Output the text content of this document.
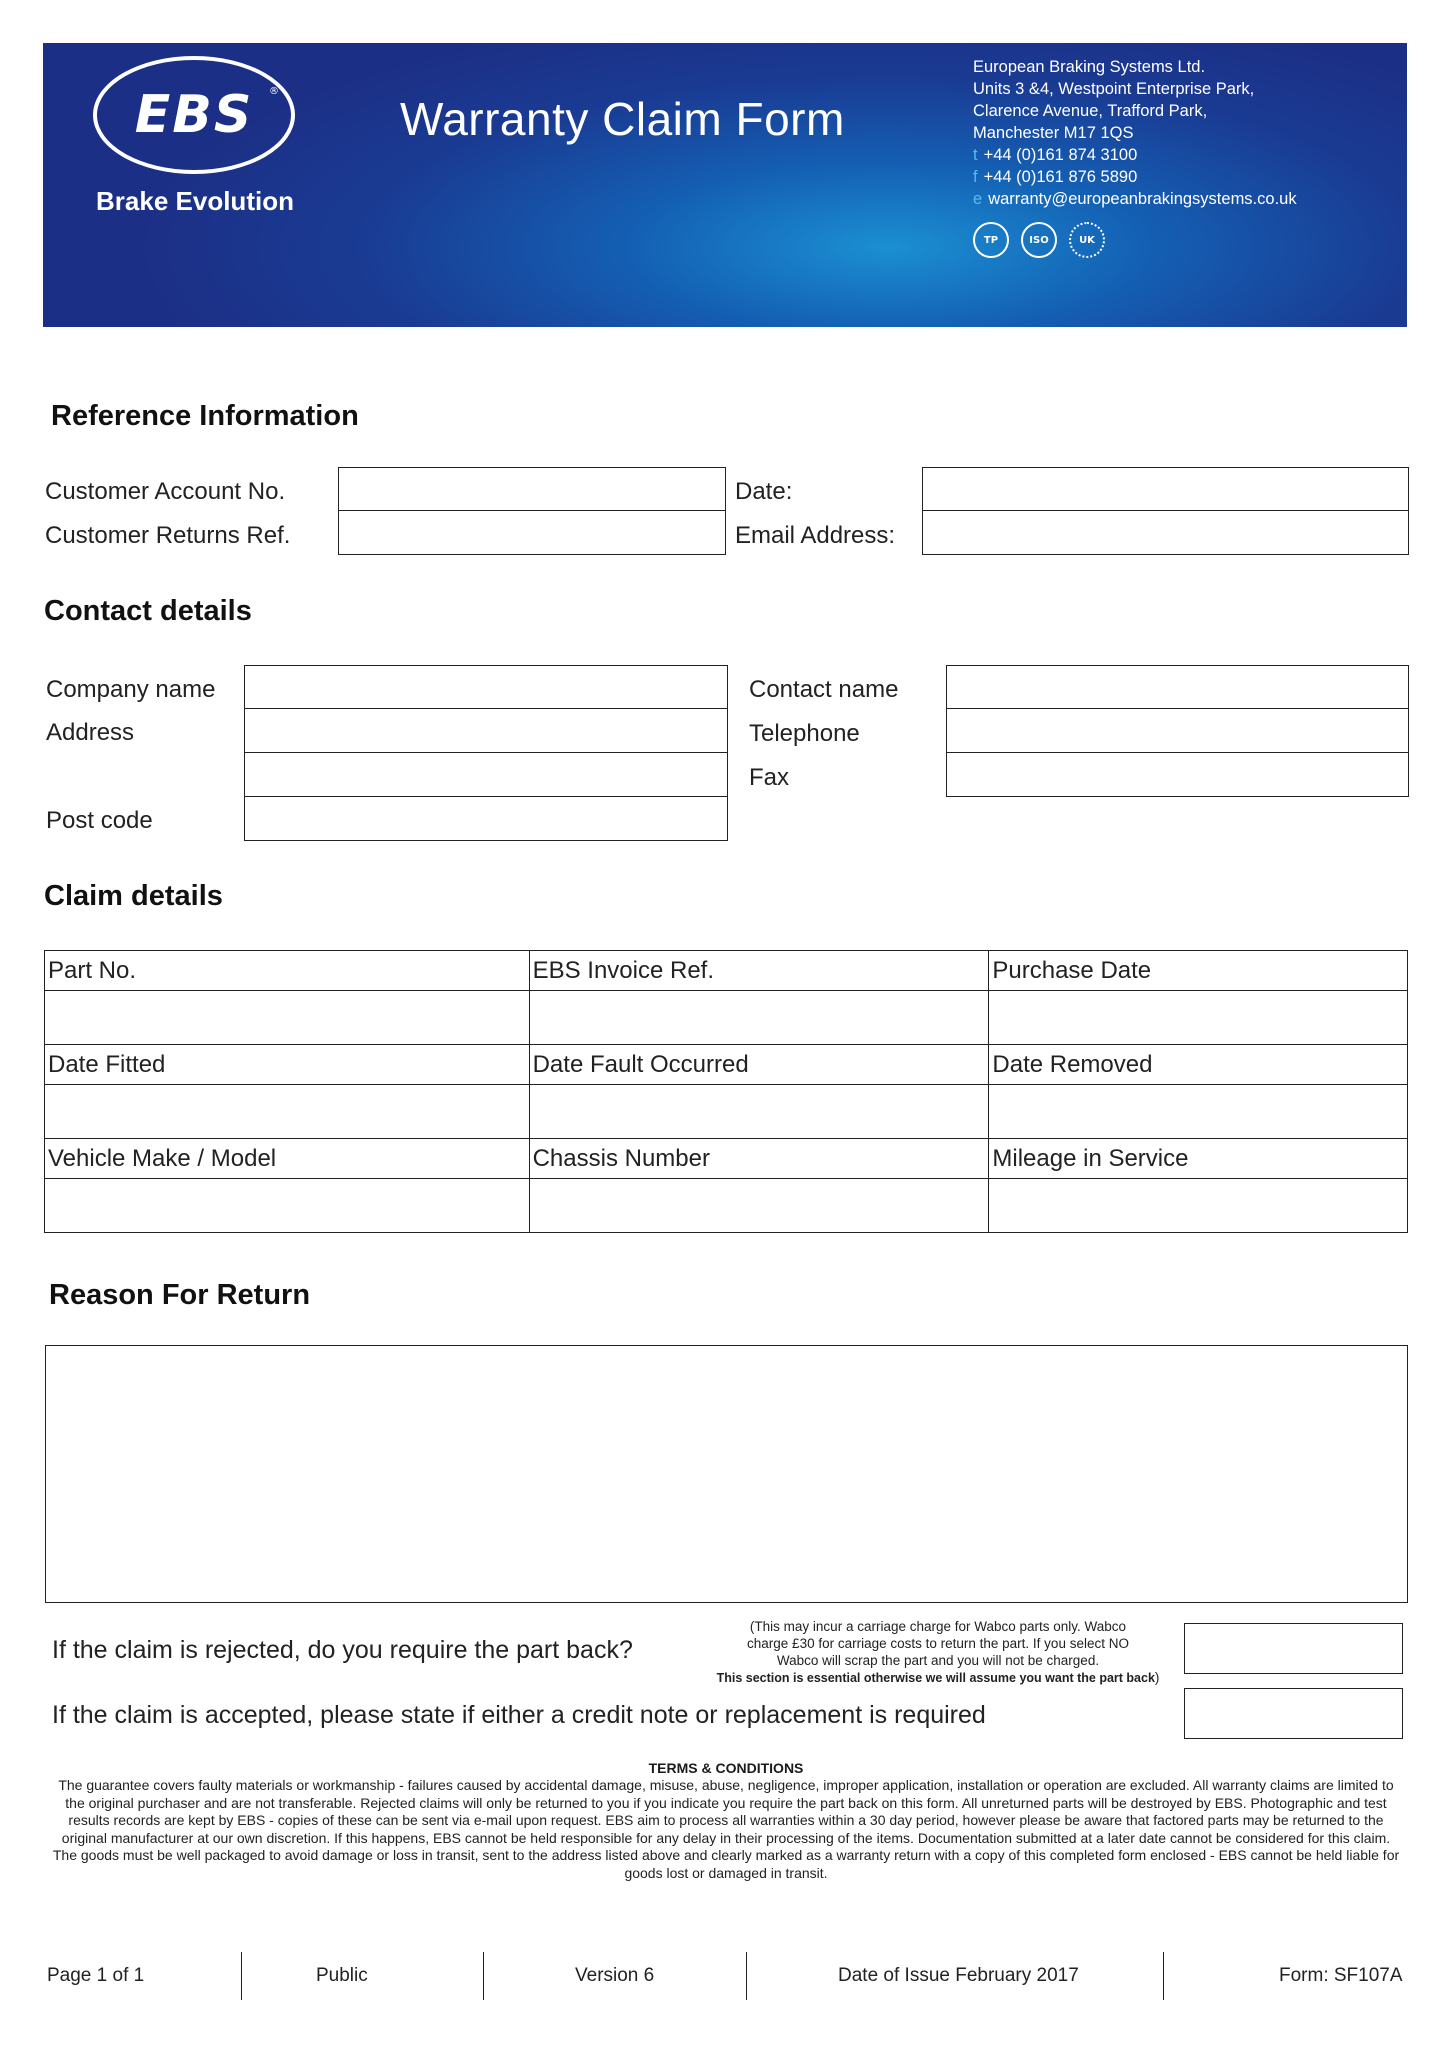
EBS	®
Brake Evolution
Warranty Claim Form
European Braking Systems Ltd.
Units 3 &4, Westpoint Enterprise Park,
Clarence Avenue, Trafford Park,
Manchester M17 1QS
t +44 (0)161 874 3100
f +44 (0)161 876 5890
e warranty@europeanbrakingsystems.co.uk
TP	ISO	UK
Reference Information
Customer Account No.
Customer Returns Ref.
Date:
Email Address:
Contact details
Company name
Address
Post code
Contact name
Telephone
Fax
Claim details
Part No.	EBS Invoice Ref.	Purchase Date

Date Fitted	Date Fault Occurred	Date Removed

Vehicle Make / Model	Chassis Number	Mileage in Service

Reason For Return
If the claim is rejected, do you require the part back?
(This may incur a carriage charge for Wabco parts only. Wabco
charge £30 for carriage costs to return the part. If you select NO
Wabco will scrap the part and you will not be charged.
This section is essential otherwise we will assume you want the part back)
If the claim is accepted, please state if either a credit note or replacement is required
TERMS & CONDITIONS
The guarantee covers faulty materials or workmanship - failures caused by accidental damage, misuse, abuse, negligence, improper application, installation or operation are excluded. All warranty claims are limited to the original purchaser and are not transferable. Rejected claims will only be returned to you if you indicate you require the part back on this form. All unreturned parts will be destroyed by EBS. Photographic and test results records are kept by EBS - copies of these can be sent via e-mail upon request. EBS aim to process all warranties within a 30 day period, however please be aware that factored parts may be returned to the original manufacturer at our own discretion. If this happens, EBS cannot be held responsible for any delay in their processing of the items. Documentation submitted at a later date cannot be considered for this claim. The goods must be well packaged to avoid damage or loss in transit, sent to the address listed above and clearly marked as a warranty return with a copy of this completed form enclosed - EBS cannot be held liable for goods lost or damaged in transit.
Page 1 of 1	Public	Version 6	Date of Issue February 2017	Form: SF107A
